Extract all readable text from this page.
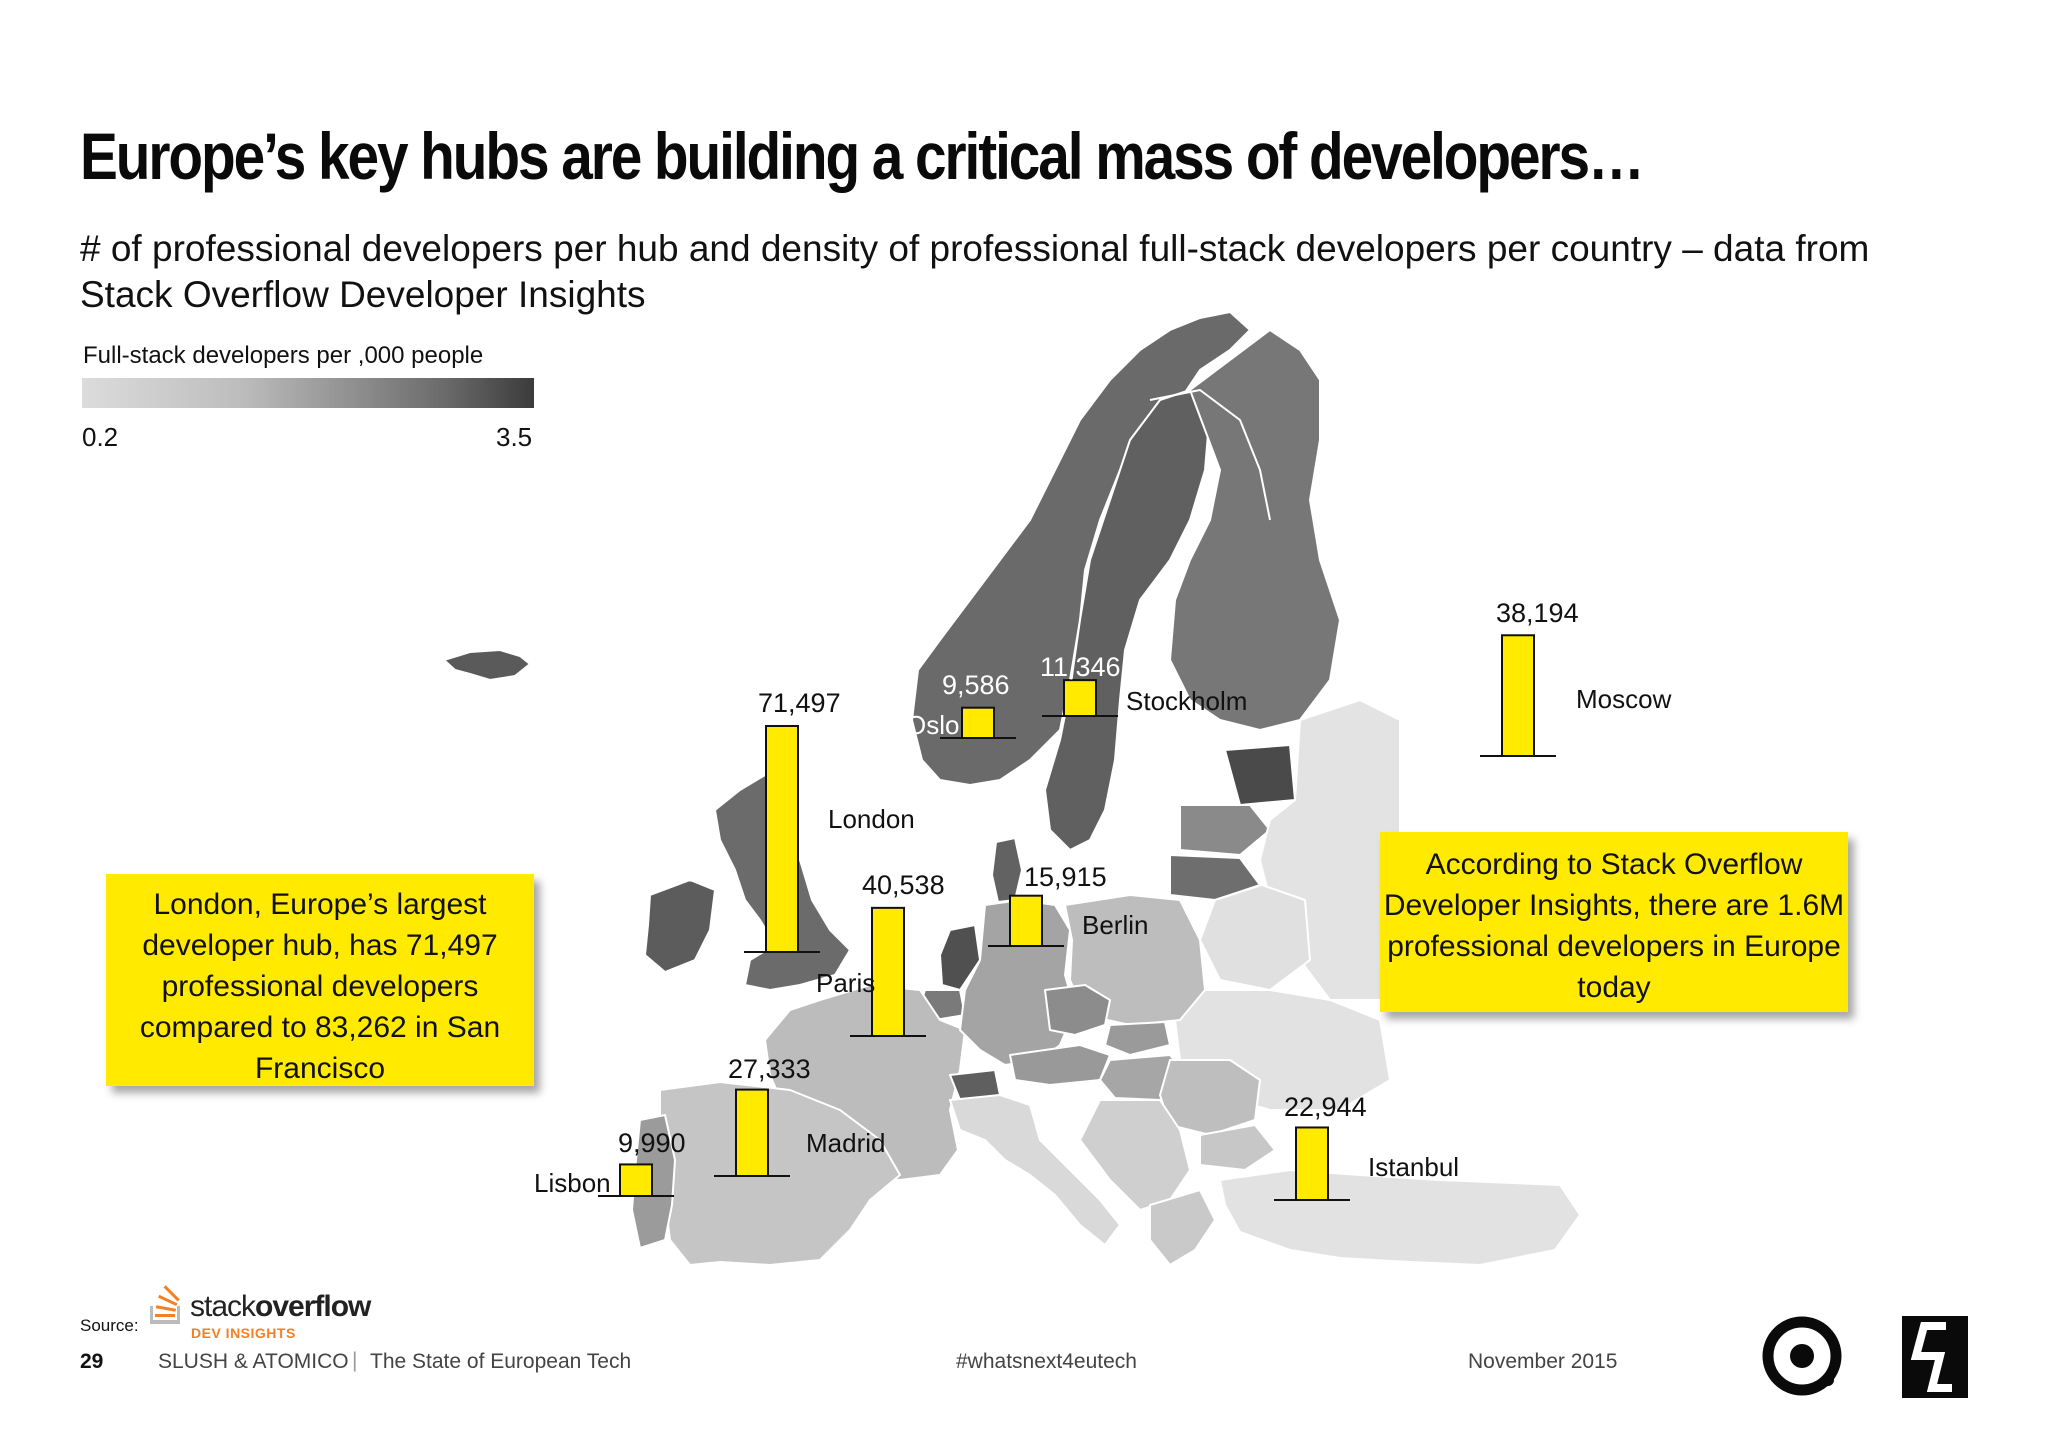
Europe’s key hubs are building a critical mass of developers…
# of professional developers per hub and density of professional full-stack developers per country – data from Stack Overflow Developer Insights
Full-stack developers per ,000 people
0.2	3.5
London, Europe’s largest developer hub, has 71,497 professional developers compared to 83,262 in San Francisco
According to Stack Overflow Developer Insights, there are 1.6M professional developers in Europe today
71,497
London
40,538
Paris
38,194
Moscow
27,333
Madrid
22,944
Istanbul
15,915
Berlin
11,346
Stockholm
9,990
Lisbon
9,586
Oslo
Source:
stackoverflow
DEV INSIGHTS
29	SLUSH & ATOMICO | The State of European Tech	#whatsnext4eutech	November 2015
